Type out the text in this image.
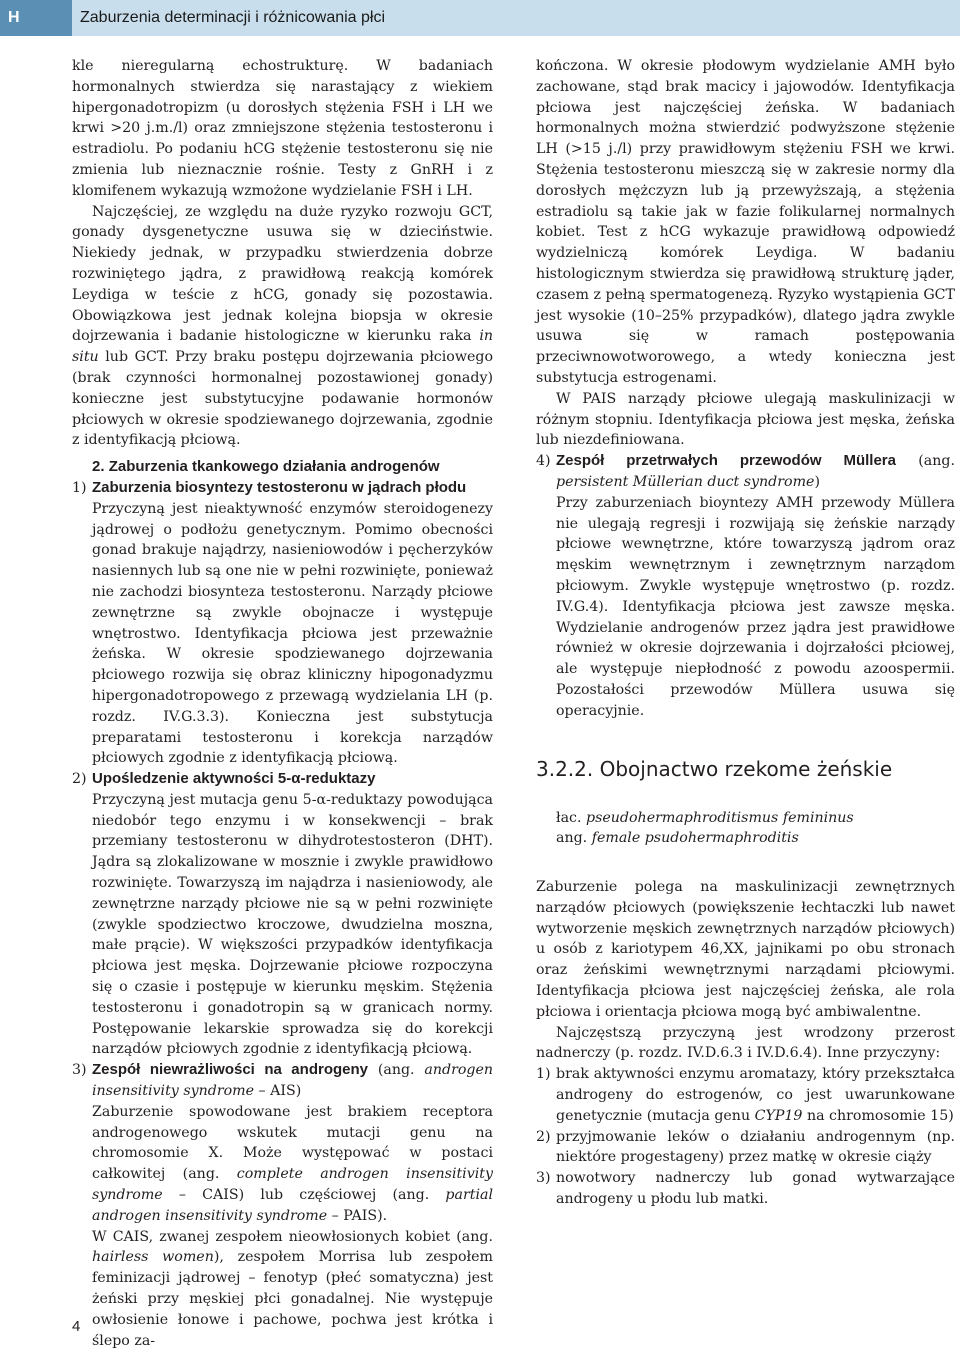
H	Zaburzenia determinacji i różnicowania płci

kle nieregularną echostrukturę. W badaniach hormonalnych stwierdza się narastający z wiekiem hipergonadotropizm (u dorosłych stężenia FSH i LH we krwi >20 j.m./l) oraz zmniejszone stężenia testosteronu i estradiolu. Po podaniu hCG stężenie testosteronu się nie zmienia lub nieznacznie rośnie. Testy z GnRH i z klomifenem wykazują wzmożone wydzielanie FSH i LH.

Najczęściej, ze względu na duże ryzyko rozwoju GCT, gonady dysgenetyczne usuwa się w dzieciństwie. Niekiedy jednak, w przypadku stwierdzenia dobrze rozwiniętego jądra, z prawidłową reakcją komórek Leydiga w teście z hCG, gonady się pozostawia. Obowiązkowa jest jednak kolejna biopsja w okresie dojrzewania i badanie histologiczne w kierunku raka in situ lub GCT. Przy braku postępu dojrzewania płciowego (brak czynności hormonalnej pozostawionej gonady) konieczne jest substytucyjne podawanie hormonów płciowych w okresie spodziewanego dojrzewania, zgodnie z identyfikacją płciową.

2. Zaburzenia tkankowego działania androgenów

1) Zaburzenia biosyntezy testosteronu w jądrach płodu

Przyczyną jest nieaktywność enzymów steroidogenezy jądrowej o podłożu genetycznym. Pomimo obecności gonad brakuje najądrzy, nasieniowodów i pęcherzyków nasiennych lub są one nie w pełni rozwinięte, ponieważ nie zachodzi biosynteza testosteronu. Narządy płciowe zewnętrzne są zwykle obojnacze i występuje wnętrostwo. Identyfikacja płciowa jest przeważnie żeńska. W okresie spodziewanego dojrzewania płciowego rozwija się obraz kliniczny hipogonadyzmu hipergonadotropowego z przewagą wydzielania LH (p. rozdz. IV.G.3.3). Konieczna jest substytucja preparatami testosteronu i korekcja narządów płciowych zgodnie z identyfikacją płciową.

2) Upośledzenie aktywności 5-α-reduktazy

Przyczyną jest mutacja genu 5-α-reduktazy powodująca niedobór tego enzymu i w konsekwencji – brak przemiany testosteronu w dihydrotestosteron (DHT). Jądra są zlokalizowane w mosznie i zwykle prawidłowo rozwinięte. Towarzyszą im najądrza i nasieniowody, ale zewnętrzne narządy płciowe nie są w pełni rozwinięte (zwykle spodziectwo kroczowe, dwudzielna moszna, małe prącie). W większości przypadków identyfikacja płciowa jest męska. Dojrzewanie płciowe rozpoczyna się o czasie i postępuje w kierunku męskim. Stężenia testosteronu i gonadotropin są w granicach normy. Postępowanie lekarskie sprowadza się do korekcji narządów płciowych zgodnie z identyfikacją płciową.

3) Zespół niewrażliwości na androgeny (ang. androgen insensitivity syndrome – AIS)

Zaburzenie spowodowane jest brakiem receptora androgenowego wskutek mutacji genu na chromosomie X. Może występować w postaci całkowitej (ang. complete androgen insensitivity syndrome – CAIS) lub częściowej (ang. partial androgen insensitivity syndrome – PAIS).

W CAIS, zwanej zespołem nieowłosionych kobiet (ang. hairless women), zespołem Morrisa lub zespołem feminizacji jądrowej – fenotyp (płeć somatyczna) jest żeński przy męskiej płci gonadalnej. Nie występuje owłosienie łonowe i pachowe, pochwa jest krótka i ślepo za-

kończona. W okresie płodowym wydzielanie AMH było zachowane, stąd brak macicy i jajowodów. Identyfikacja płciowa jest najczęściej żeńska. W badaniach hormonalnych można stwierdzić podwyższone stężenie LH (>15 j./l) przy prawidłowym stężeniu FSH we krwi. Stężenia testosteronu mieszczą się w zakresie normy dla dorosłych mężczyzn lub ją przewyższają, a stężenia estradiolu są takie jak w fazie folikularnej normalnych kobiet. Test z hCG wykazuje prawidłową odpowiedź wydzielniczą komórek Leydiga. W badaniu histologicznym stwierdza się prawidłową strukturę jąder, czasem z pełną spermatogenezą. Ryzyko wystąpienia GCT jest wysokie (10–25% przypadków), dlatego jądra zwykle usuwa się w ramach postępowania przeciwnowotworowego, a wtedy konieczna jest substytucja estrogenami.

W PAIS narządy płciowe ulegają maskulinizacji w różnym stopniu. Identyfikacja płciowa jest męska, żeńska lub niezdefiniowana.

4) Zespół przetrwałych przewodów Müllera (ang. persistent Müllerian duct syndrome)

Przy zaburzeniach bioyntezy AMH przewody Müllera nie ulegają regresji i rozwijają się żeńskie narządy płciowe wewnętrzne, które towarzyszą jądrom oraz męskim wewnętrznym i zewnętrznym narządom płciowym. Zwykle występuje wnętrostwo (p. rozdz. IV.G.4). Identyfikacja płciowa jest zawsze męska. Wydzielanie androgenów przez jądra jest prawidłowe również w okresie dojrzewania i dojrzałości płciowej, ale występuje niepłodność z powodu azoospermii. Pozostałości przewodów Müllera usuwa się operacyjnie.

3.2.2. Obojnactwo rzekome żeńskie

łac. pseudohermaphroditismus femininus

ang. female psudohermaphroditis

Zaburzenie polega na maskulinizacji zewnętrznych narządów płciowych (powiększenie łechtaczki lub nawet wytworzenie męskich zewnętrznych narządów płciowych) u osób z kariotypem 46,XX, jajnikami po obu stronach oraz żeńskimi wewnętrznymi narządami płciowymi. Identyfikacja płciowa jest najczęściej żeńska, ale rola płciowa i orientacja płciowa mogą być ambiwalentne.

Najczęstszą przyczyną jest wrodzony przerost nadnerczy (p. rozdz. IV.D.6.3 i IV.D.6.4). Inne przyczyny:

1) brak aktywności enzymu aromatazy, który przekształca androgeny do estrogenów, co jest uwarunkowane genetycznie (mutacja genu CYP19 na chromosomie 15)
2) przyjmowanie leków o działaniu androgennym (np. niektóre progestageny) przez matkę w okresie ciąży
3) nowotwory nadnerczy lub gonad wytwarzające androgeny u płodu lub matki.
4
